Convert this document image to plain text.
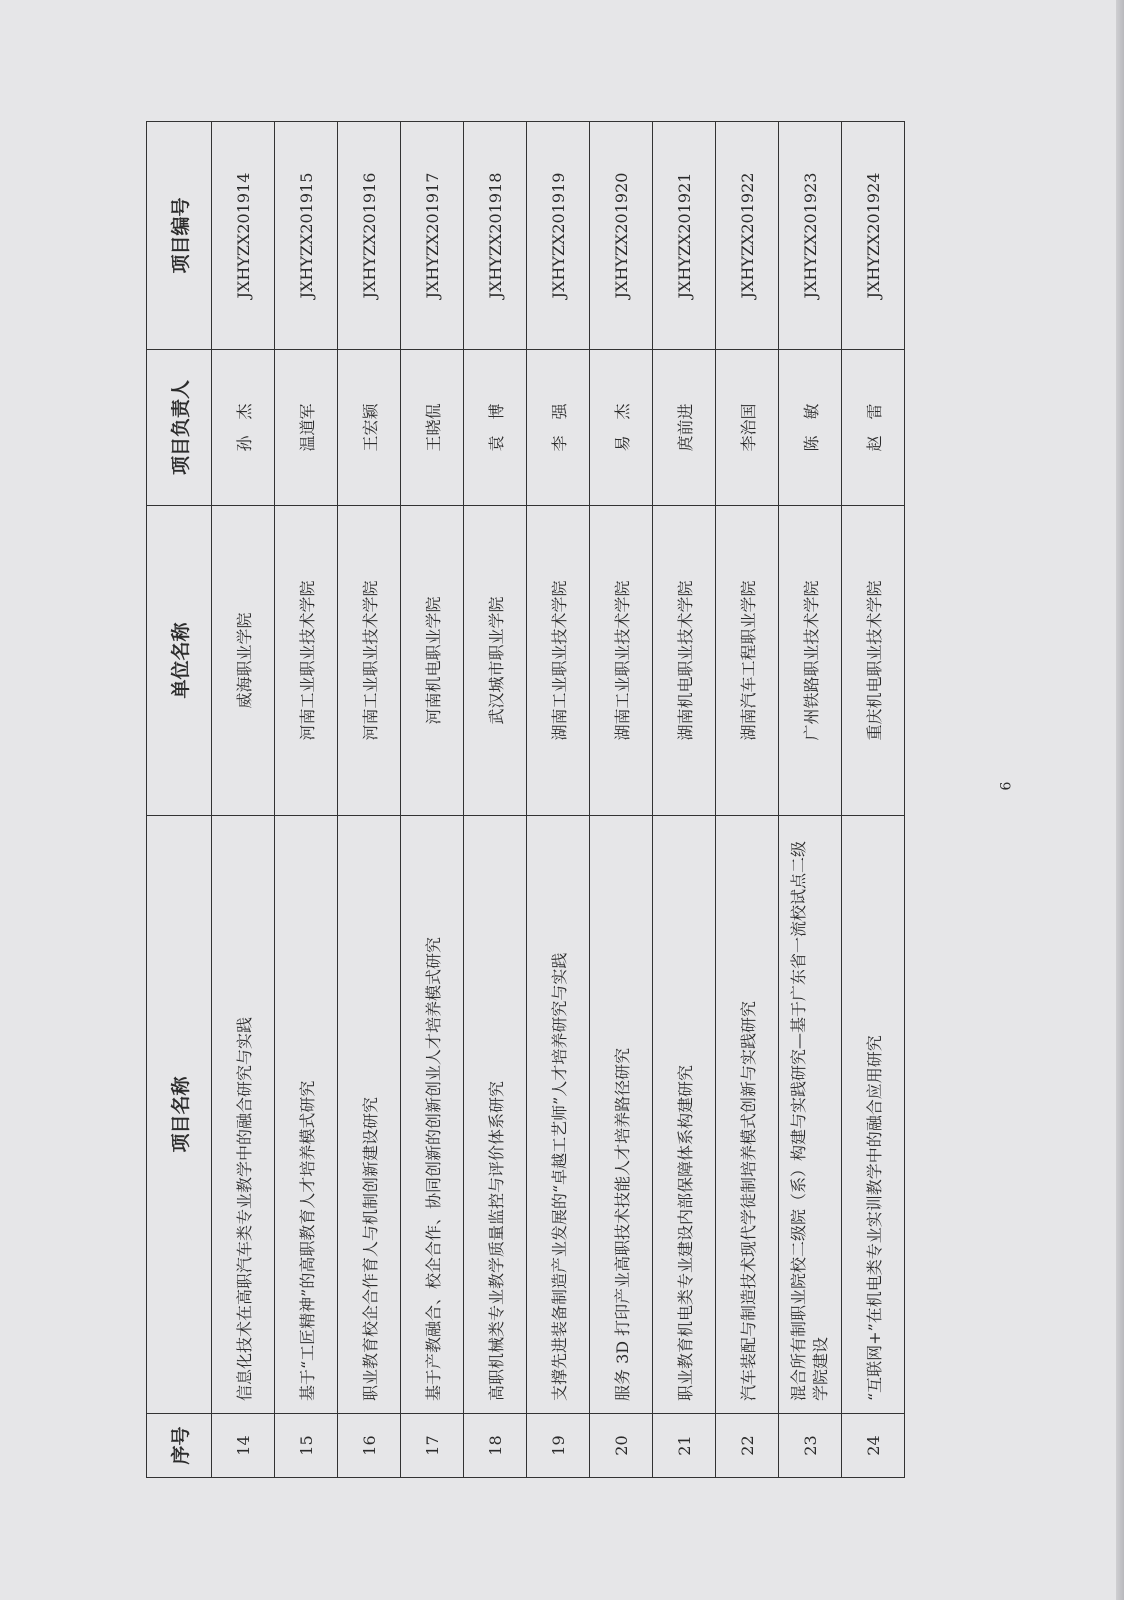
序号	项目名称	单位名称	项目负责人	项目编号
14	信息化技术在高职汽车类专业教学中的融合研究与实践	威海职业学院	孙　杰	JXHYZX201914
15	基于“工匠精神”的高职教育人才培养模式研究	河南工业职业技术学院	温道军	JXHYZX201915
16	职业教育校企合作育人与机制创新建设研究	河南工业职业技术学院	王宏颖	JXHYZX201916
17	基于产教融合、校企合作、协同创新的创新创业人才培养模式研究	河南机电职业学院	王晓侃	JXHYZX201917
18	高职机械类专业教学质量监控与评价体系研究	武汉城市职业学院	袁　博	JXHYZX201918
19	支撑先进装备制造产业发展的“卓越工艺师”人才培养研究与实践	湖南工业职业技术学院	李　强	JXHYZX201919
20	服务 3D 打印产业高职技术技能人才培养路径研究	湖南工业职业技术学院	易　杰	JXHYZX201920
21	职业教育机电类专业建设内部保障体系构建研究	湖南机电职业技术学院	庹前进	JXHYZX201921
22	汽车装配与制造技术现代学徒制培养模式创新与实践研究	湖南汽车工程职业学院	李治国	JXHYZX201922
23	混合所有制职业院校二级院（系）构建与实践研究—基于广东省一流校试点二级学院建设	广州铁路职业技术学院	陈　敏	JXHYZX201923
24	“互联网+”在机电类专业实训教学中的融合应用研究	重庆机电职业技术学院	赵　雷	JXHYZX201924
6
